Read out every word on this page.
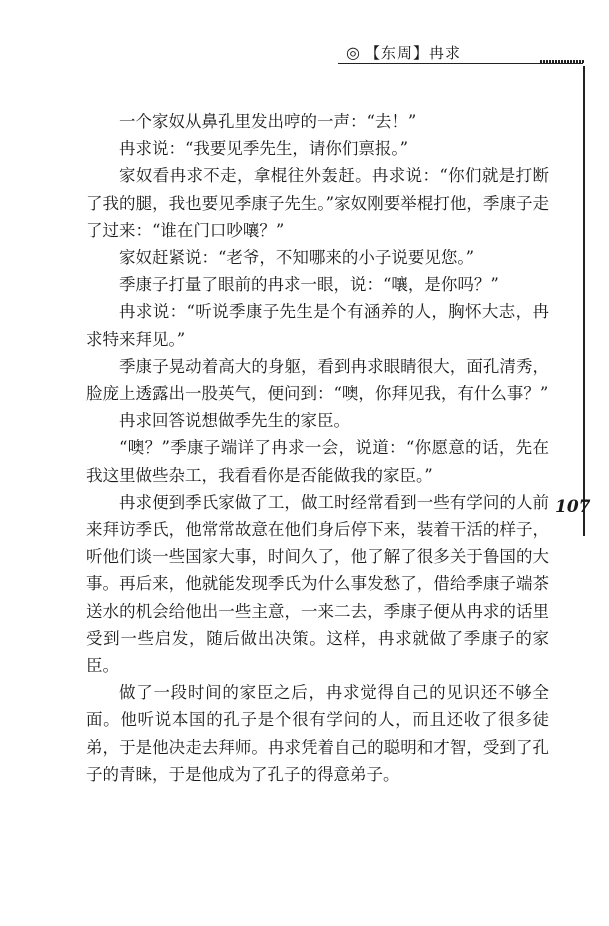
◎ 【东周】冉求
107

一个家奴从鼻孔里发出哼的一声：“去！”

冉求说：“我要见季先生，请你们禀报。”

家奴看冉求不走，拿棍往外轰赶。冉求说：“你们就是打断了我的腿，我也要见季康子先生。”家奴刚要举棍打他，季康子走了过来：“谁在门口吵嚷？”

家奴赶紧说：“老爷，不知哪来的小子说要见您。”

季康子打量了眼前的冉求一眼，说：“嚷，是你吗？”

冉求说：“听说季康子先生是个有涵养的人，胸怀大志，冉求特来拜见。”

季康子晃动着高大的身躯，看到冉求眼睛很大，面孔清秀，脸庞上透露出一股英气，便问到：“噢，你拜见我，有什么事？”

冉求回答说想做季先生的家臣。

“噢？”季康子端详了冉求一会，说道：“你愿意的话，先在我这里做些杂工，我看看你是否能做我的家臣。”

冉求便到季氏家做了工，做工时经常看到一些有学问的人前来拜访季氏，他常常故意在他们身后停下来，装着干活的样子，听他们谈一些国家大事，时间久了，他了解了很多关于鲁国的大事。再后来，他就能发现季氏为什么事发愁了，借给季康子端茶送水的机会给他出一些主意，一来二去，季康子便从冉求的话里受到一些启发，随后做出决策。这样，冉求就做了季康子的家臣。

做了一段时间的家臣之后，冉求觉得自己的见识还不够全面。他听说本国的孔子是个很有学问的人，而且还收了很多徒弟，于是他决走去拜师。冉求凭着自己的聪明和才智，受到了孔子的青睐，于是他成为了孔子的得意弟子。
